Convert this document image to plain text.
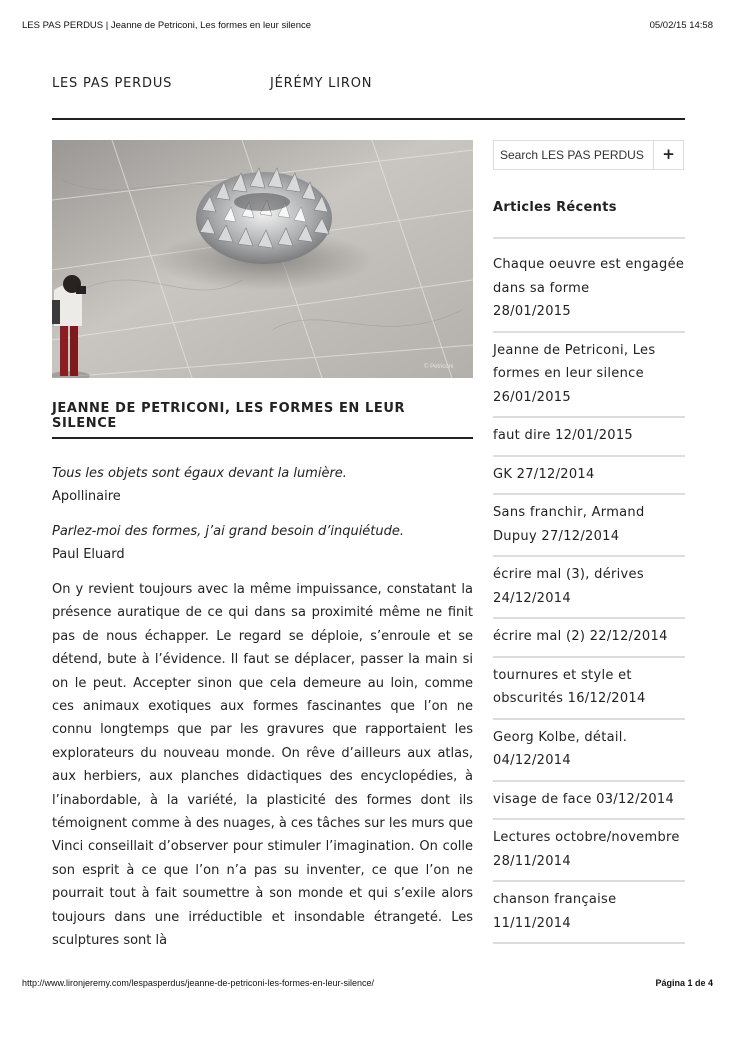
LES PAS PERDUS | Jeanne de Petriconi, Les formes en leur silence	05/02/15 14:58
LES PAS PERDUS	JÉRÉMY LIRON
© Petriconi
JEANNE DE PETRICONI, LES FORMES EN LEUR SILENCE

Tous les objets sont égaux devant la lumière.
Apollinaire

Parlez-moi des formes, j’ai grand besoin d’inquiétude.
Paul Eluard

On y revient toujours avec la même impuissance, constatant la présence auratique de ce qui dans sa proximité même ne finit pas de nous échapper. Le regard se déploie, s’enroule et se détend, bute à l’évidence. Il faut se déplacer, passer la main si on le peut. Accepter sinon que cela demeure au loin, comme ces animaux exotiques aux formes fascinantes que l’on ne connu longtemps que par les gravures que rapportaient les explorateurs du nouveau monde. On rêve d’ailleurs aux atlas, aux herbiers, aux planches didactiques des encyclopédies, à l’inabordable, à la variété, la plasticité des formes dont ils témoignent comme à des nuages, à ces tâches sur les murs que Vinci conseillait d’observer pour stimuler l’imagination. On colle son esprit à ce que l’on n’a pas su inventer, ce que l’on ne pourrait tout à fait soumettre à son monde et qui s’exile alors toujours dans une irréductible et insondable étrangeté. Les sculptures sont là

Search LES PAS PERDUS
+
Articles Récents
Chaque oeuvre est engagée dans sa forme
28/01/2015
Jeanne de Petriconi, Les formes en leur silence
26/01/2015
faut dire 12/01/2015
GK 27/12/2014
Sans franchir, Armand Dupuy 27/12/2014
écrire mal (3), dérives
24/12/2014
écrire mal (2) 22/12/2014
tournures et style et obscurités 16/12/2014
Georg Kolbe, détail.
04/12/2014
visage de face 03/12/2014
Lectures octobre/novembre
28/11/2014
chanson française
11/11/2014
http://www.lironjeremy.com/lespasperdus/jeanne-de-petriconi-les-formes-en-leur-silence/	Página 1 de 4
